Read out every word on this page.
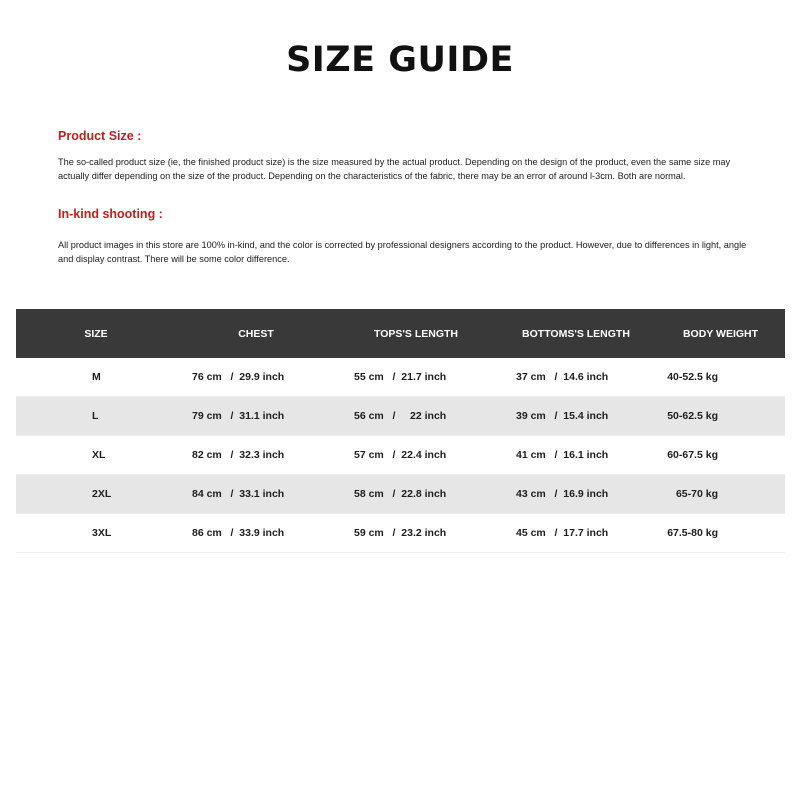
SIZE GUIDE
Product Size :
The so-called product size (ie, the finished product size) is the size measured by the actual product. Depending on the design of the product, even the same size may actually differ depending on the size of the product. Depending on the characteristics of the fabric, there may be an error of around l-3cm. Both are normal.
In-kind shooting :
All product images in this store are 100% in-kind, and the color is corrected by professional designers according to the product. However, due to differences in light, angle and display contrast. There will be some color difference.
SIZE	CHEST	TOPS'S LENGTH	BOTTOMS'S LENGTH	BODY WEIGHT
M	76 cm   /  29.9 inch	55 cm   /  21.7 inch	37 cm   /  14.6 inch	40-52.5 kg
L	79 cm   /  31.1 inch	56 cm   /     22 inch	39 cm   /  15.4 inch	50-62.5 kg
XL	82 cm   /  32.3 inch	57 cm   /  22.4 inch	41 cm   /  16.1 inch	60-67.5 kg
2XL	84 cm   /  33.1 inch	58 cm   /  22.8 inch	43 cm   /  16.9 inch	65-70 kg
3XL	86 cm   /  33.9 inch	59 cm   /  23.2 inch	45 cm   /  17.7 inch	67.5-80 kg
